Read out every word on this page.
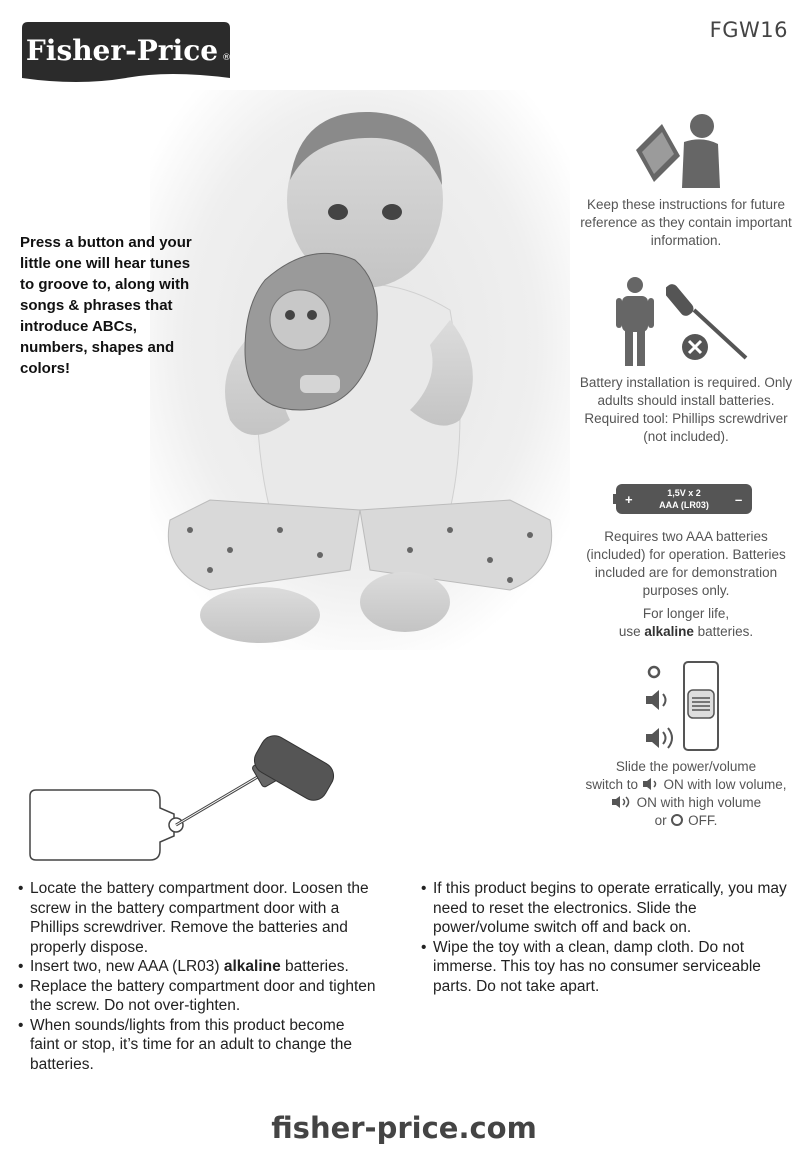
Fisher-Price ®
FGW16
Press a button and your little one will hear tunes to groove to, along with songs & phrases that introduce ABCs, numbers, shapes and colors!
Keep these instructions for future reference as they contain important information.
Battery installation is required. Only adults should install batteries. Required tool: Phillips screwdriver (not included).
+	–
1,5V x 2
AAA (LR03)
Requires two AAA batteries (included) for operation. Batteries included are for demonstration purposes only.
For longer life,
use alkaline batteries.
Slide the power/volume
switch to  ON with low volume,
ON with high volume
or  OFF.
• Locate the battery compartment door. Loosen the screw in the battery compartment door with a Phillips screwdriver. Remove the batteries and properly dispose.
• Insert two, new AAA (LR03) alkaline batteries.
• Replace the battery compartment door and tighten the screw. Do not over-tighten.
• When sounds/lights from this product become faint or stop, it’s time for an adult to change the batteries.
• If this product begins to operate erratically, you may need to reset the electronics. Slide the power/volume switch off and back on.
• Wipe the toy with a clean, damp cloth. Do not immerse. This toy has no consumer serviceable parts. Do not take apart.
fisher-price.com
